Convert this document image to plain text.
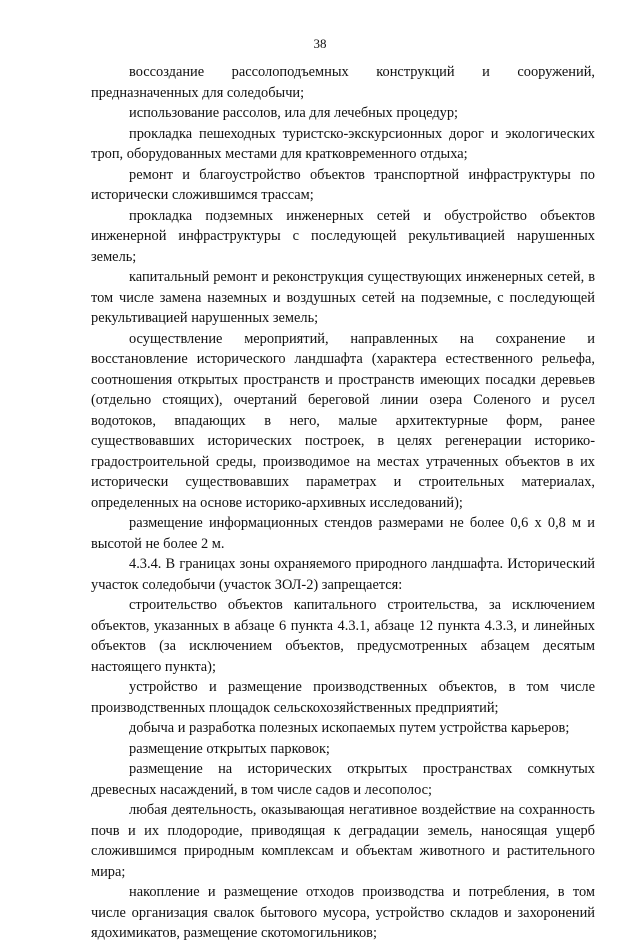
38

воссоздание рассолоподъемных конструкций и сооружений, предназначенных для соледобычи;

использование рассолов, ила для лечебных процедур;

прокладка пешеходных туристско-экскурсионных дорог и экологических троп, оборудованных местами для кратковременного отдыха;

ремонт и благоустройство объектов транспортной инфраструктуры по исторически сложившимся трассам;

прокладка подземных инженерных сетей и обустройство объектов инженерной инфраструктуры с последующей рекультивацией нарушенных земель;

капитальный ремонт и реконструкция существующих инженерных сетей, в том числе замена наземных и воздушных сетей на подземные, с последующей рекультивацией нарушенных земель;

осуществление мероприятий, направленных на сохранение и восстановление исторического ландшафта (характера естественного рельефа, соотношения открытых пространств и пространств имеющих посадки деревьев (отдельно стоящих), очертаний береговой линии озера Соленого и русел водотоков, впадающих в него, малые архитектурные форм, ранее существовавших исторических построек, в целях регенерации историко-градостроительной среды, производимое на местах утраченных объектов в их исторически существовавших параметрах и строительных материалах, определенных на основе историко-архивных исследований);

размещение информационных стендов размерами не более 0,6 х 0,8 м и высотой не более 2 м.

4.3.4. В границах зоны охраняемого природного ландшафта. Исторический участок соледобычи (участок ЗОЛ-2) запрещается:

строительство объектов капитального строительства, за исключением объектов, указанных в абзаце 6 пункта 4.3.1, абзаце 12 пункта 4.3.3, и линейных объектов (за исключением объектов, предусмотренных абзацем десятым настоящего пункта);

устройство и размещение производственных объектов, в том числе производственных площадок сельскохозяйственных предприятий;

добыча и разработка полезных ископаемых путем устройства карьеров;

размещение открытых парковок;

размещение на исторических открытых пространствах сомкнутых древесных насаждений, в том числе садов и лесополос;

любая деятельность, оказывающая негативное воздействие на сохранность почв и их плодородие, приводящая к деградации земель, наносящая ущерб сложившимся природным комплексам и объектам животного и растительного мира;

накопление и размещение отходов производства и потребления, в том числе организация свалок бытового мусора, устройство складов и захоронений ядохимикатов, размещение скотомогильников;
